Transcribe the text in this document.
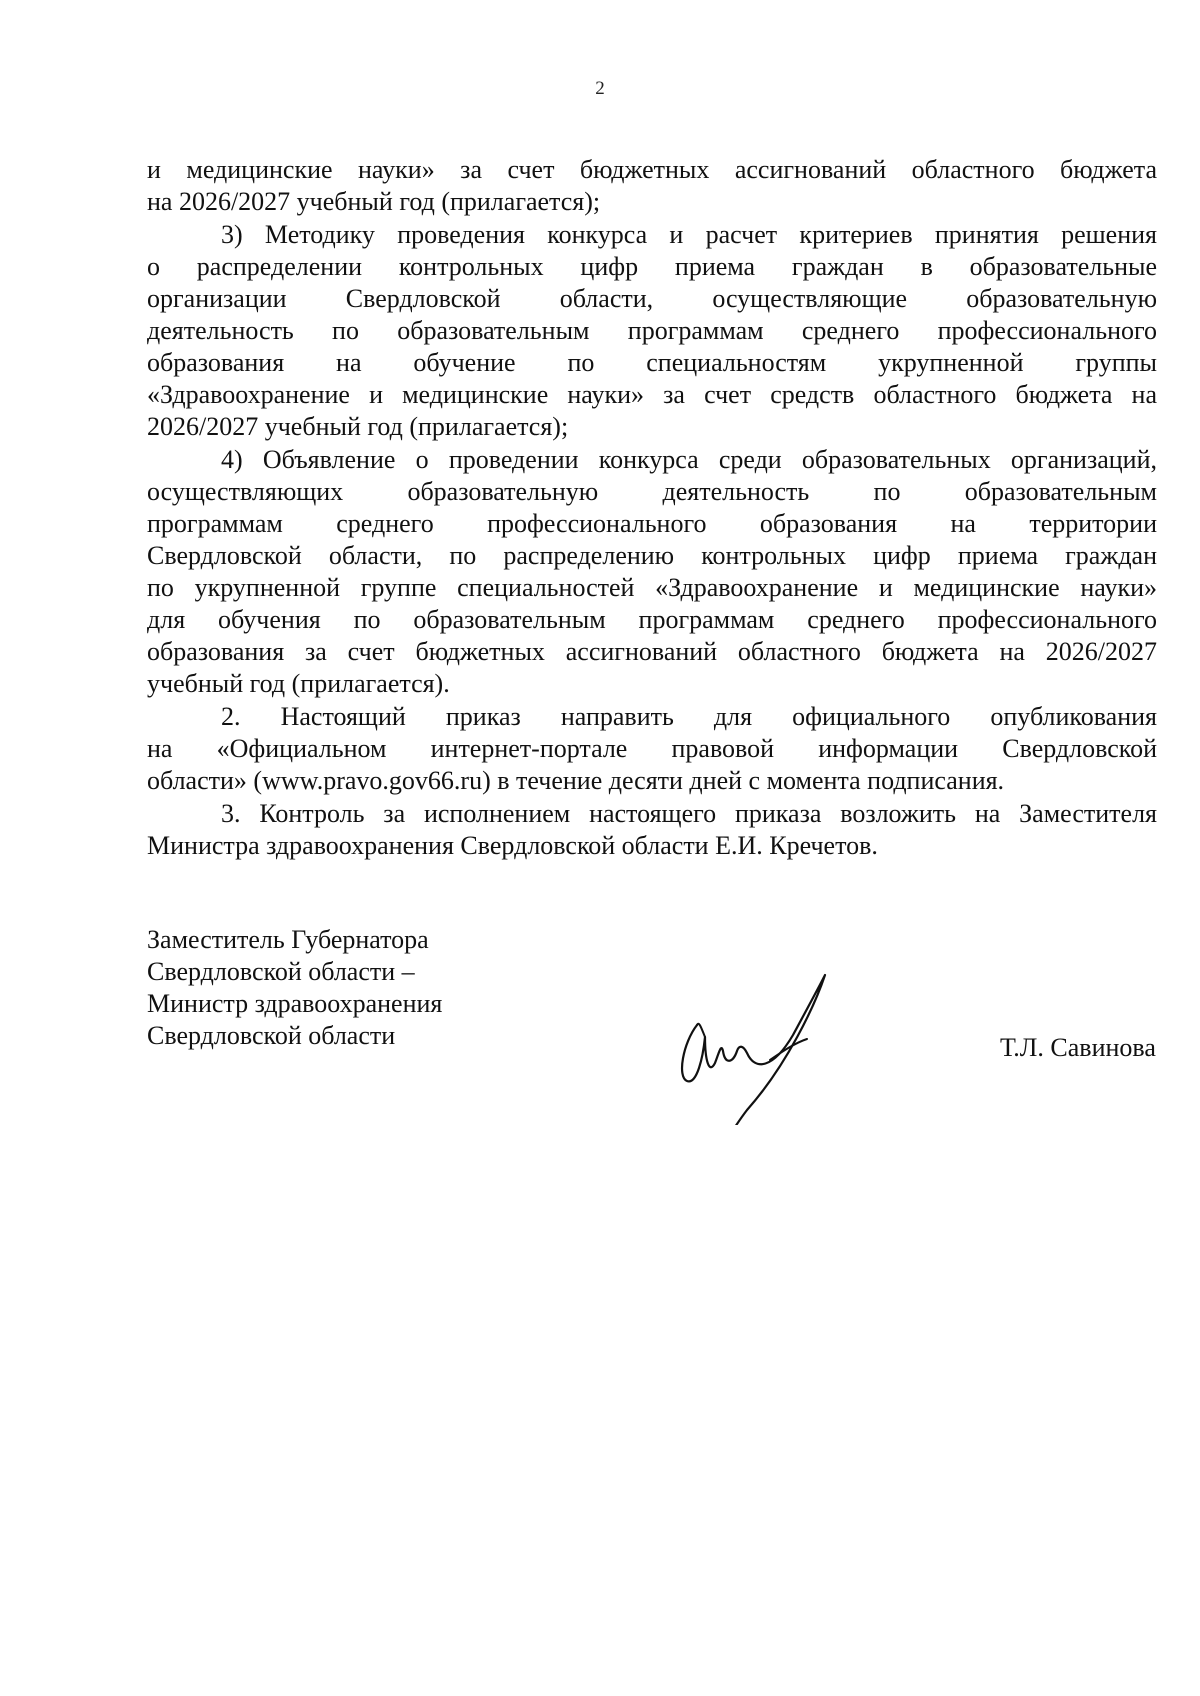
2
и медицинские науки» за счет бюджетных ассигнований областного бюджета
на 2026/2027 учебный год (прилагается);
3) Методику проведения конкурса и расчет критериев принятия решения
о распределении контрольных цифр приема граждан в образовательные
организации Свердловской области, осуществляющие образовательную
деятельность по образовательным программам среднего профессионального
образования на обучение по специальностям укрупненной группы
«Здравоохранение и медицинские науки» за счет средств областного бюджета на
2026/2027 учебный год (прилагается);
4) Объявление о проведении конкурса среди образовательных организаций,
осуществляющих образовательную деятельность по образовательным
программам среднего профессионального образования на территории
Свердловской области, по распределению контрольных цифр приема граждан
по укрупненной группе специальностей «Здравоохранение и медицинские науки»
для обучения по образовательным программам среднего профессионального
образования за счет бюджетных ассигнований областного бюджета на 2026/2027
учебный год (прилагается).
2. Настоящий приказ направить для официального опубликования
на «Официальном интернет-портале правовой информации Свердловской
области» (www.pravo.gov66.ru) в течение десяти дней с момента подписания.
3. Контроль за исполнением настоящего приказа возложить на Заместителя
Министра здравоохранения Свердловской области Е.И. Кречетов.
Заместитель Губернатора
Свердловской области –
Министр здравоохранения
Свердловской области	Т.Л. Савинова
